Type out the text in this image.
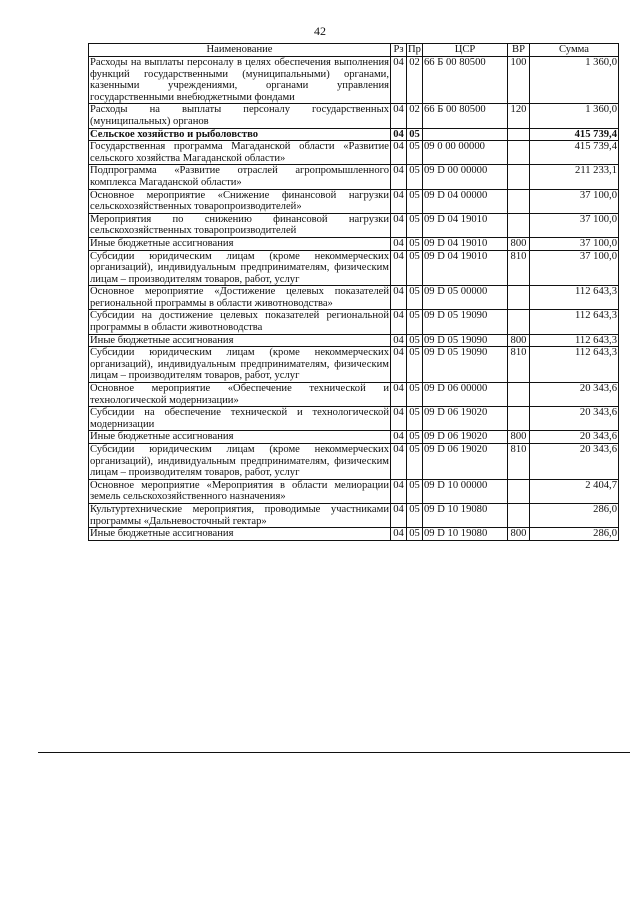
42
Наименование	Рз	Пр	ЦСР	ВР	Сумма
Расходы на выплаты персоналу в целях обеспечения выполнения функций государственными (муниципальными) органами, казенными учреждениями, органами управления государственными внебюджетными фондами	04	02	66 Б 00 80500	100	1 360,0
Расходы на выплаты персоналу государственных (муниципальных) органов	04	02	66 Б 00 80500	120	1 360,0
Сельское хозяйство и рыболовство	04	05			415 739,4
Государственная программа Магаданской области «Развитие сельского хозяйства Магаданской области»	04	05	09 0 00 00000		415 739,4
Подпрограмма «Развитие отраслей агропромышленного комплекса Магаданской области»	04	05	09 D 00 00000		211 233,1
Основное мероприятие «Снижение финансовой нагрузки сельскохозяйственных товаропроизводителей»	04	05	09 D 04 00000		37 100,0
Мероприятия по снижению финансовой нагрузки сельскохозяйственных товаропроизводителей	04	05	09 D 04 19010		37 100,0
Иные бюджетные ассигнования	04	05	09 D 04 19010	800	37 100,0
Субсидии юридическим лицам (кроме некоммерческих организаций), индивидуальным предпринимателям, физическим лицам – производителям товаров, работ, услуг	04	05	09 D 04 19010	810	37 100,0
Основное мероприятие «Достижение целевых показателей региональной программы в области животноводства»	04	05	09 D 05 00000		112 643,3
Субсидии на достижение целевых показателей региональной программы в области животноводства	04	05	09 D 05 19090		112 643,3
Иные бюджетные ассигнования	04	05	09 D 05 19090	800	112 643,3
Субсидии юридическим лицам (кроме некоммерческих организаций), индивидуальным предпринимателям, физическим лицам – производителям товаров, работ, услуг	04	05	09 D 05 19090	810	112 643,3
Основное мероприятие «Обеспечение технической и технологической модернизации»	04	05	09 D 06 00000		20 343,6
Субсидии на обеспечение технической и технологической модернизации	04	05	09 D 06 19020		20 343,6
Иные бюджетные ассигнования	04	05	09 D 06 19020	800	20 343,6
Субсидии юридическим лицам (кроме некоммерческих организаций), индивидуальным предпринимателям, физическим лицам – производителям товаров, работ, услуг	04	05	09 D 06 19020	810	20 343,6
Основное мероприятие «Мероприятия в области мелиорации земель сельскохозяйственного назначения»	04	05	09 D 10 00000		2 404,7
Культуртехнические мероприятия, проводимые участниками программы «Дальневосточный гектар»	04	05	09 D 10 19080		286,0
Иные бюджетные ассигнования	04	05	09 D 10 19080	800	286,0
